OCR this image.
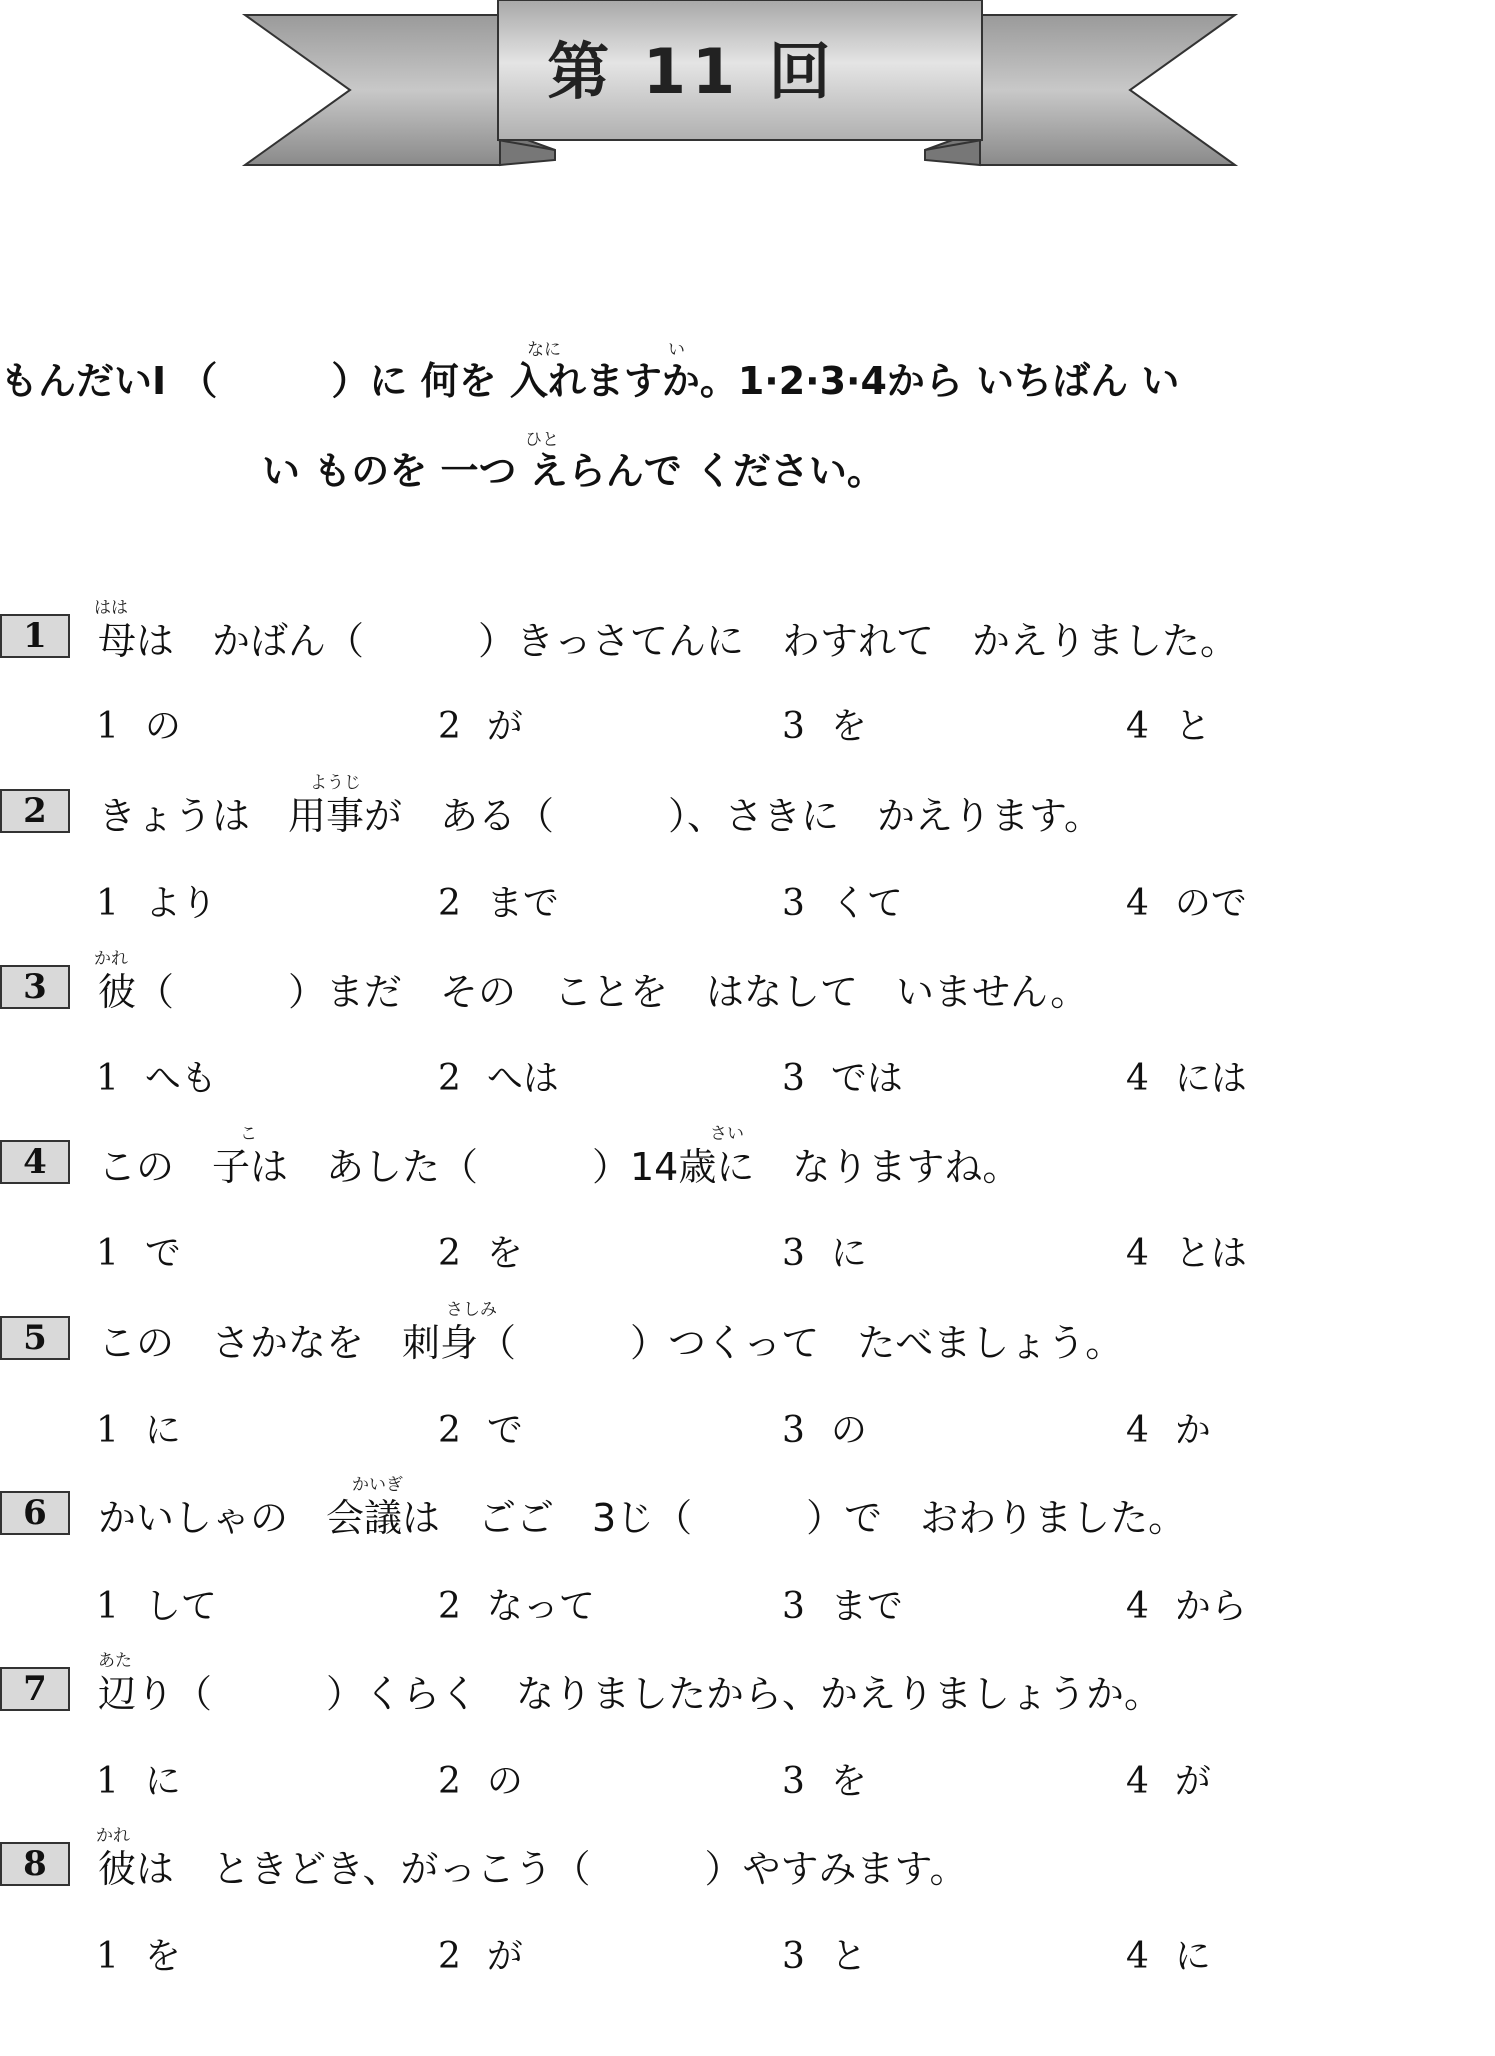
第 11 回
もんだいⅠ （　　　）に 何を 入れますか。1·2·3·4から いちばん い
なに	い
い ものを 一つ えらんで ください。
ひと
1
はは
母は　かばん（　　　）きっさてんに　わすれて　かえりました。
1 の	2 が	3 を	4 と
2
ようじ
きょうは　用事が　ある（　　　）、さきに　かえります。
1 より	2 まで	3 くて	4 ので
3
かれ
彼（　　　）まだ　その　ことを　はなして　いません。
1 へも	2 へは	3 では	4 には
4
こ	さい
この　子は　あした（　　　）14歳に　なりますね。
1 で	2 を	3 に	4 とは
5
さしみ
この　さかなを　刺身（　　　）つくって　たべましょう。
1 に	2 で	3 の	4 か
6
かいぎ
かいしゃの　会議は　ごご　3じ（　　　）で　おわりました。
1 して	2 なって	3 まで	4 から
7
あた
辺り（　　　）くらく　なりましたから、かえりましょうか。
1 に	2 の	3 を	4 が
8
かれ
彼は　ときどき、がっこう（　　　）やすみます。
1 を	2 が	3 と	4 に
